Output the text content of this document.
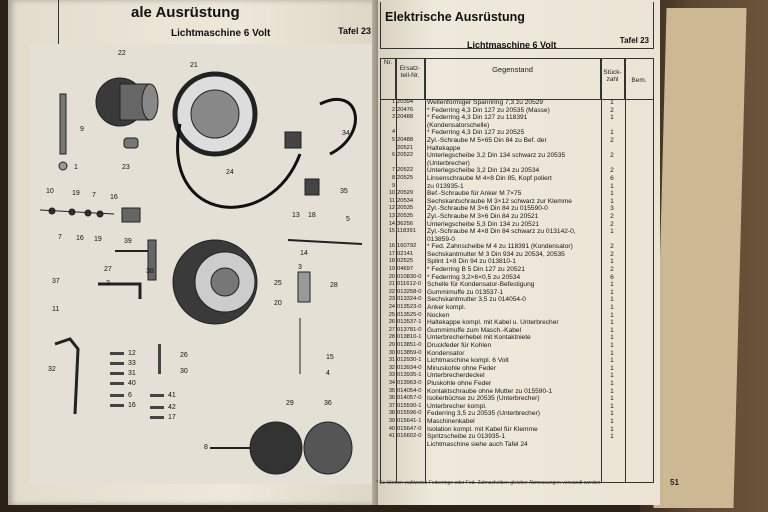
ale Ausrüstung
Lichtmaschine 6 Volt	Tafel 23
22
21
9
1	23
24
34
35
10	19 7 16
7 16 19	39
13 18
5
27	38
14
3
37	2	25	28
11
20
32
12
33
31
40
6
16
26
30
15
4
41
42
17
29	36
8
Elektrische Ausrüstung
Lichtmaschine 6 Volt	Tafel 23
Nr.
Ersatz-teil-Nr.
Gegenstand	Stück-zahl	Bem.
1 20394	Wellenförmiger Spannring 7,3 zu 20529	1
2 20476	* Federring 4,3 Din 127 zu 20535 (Masse)	2
3 20488	* Federring 4,3 Din 127 zu 118391	1
(Kondensatorschelle)
4	* Federring 4,3 Din 127 zu 20525	1
5 20488	Zyl.-Schraube M 5×65 Din 84 zu Bef. der	2
20521	Haltekappe
6 20522	Unterlegscheibe 3,2 Din 134 schwarz zu 20535	2
(Unterbrecher)
7 20522	Unterlegscheibe 3,2 Din 134 zu 20534	2
8 20525	Linsenschraube M 4×8 Din 85, Kopf poliert	6
9	zu 013935-1	1
10 20529	Bef.-Schraube für Anker M 7×75	1
11 20534	Sechskantschraube M 3×12 schwarz zur Klemme	1
12 20535	Zyl.-Schraube M 3×6 Din 84 zu 015590-0	3
13 20535	Zyl.-Schraube M 3×6 Din 84 zu 20521	2
14 36256	Unterlegscheibe 5,3 Din 134 zu 20521	2
15 118391	Zyl.-Schraube M 4×8 Din 84 schwarz zu 013142-0,	1
013859-0
16 160792	* Fed. Zahnscheibe M 4 zu 118391 (Kondensator)	2
17 02141	Sechskantmutter M 3 Din 934 zu 20534, 20535	2
18 02525	Splint 1×8 Din 94 zu 013810-1	1
19 04697	* Federring B 5 Din 127 zu 20521	2
20 010830-0 * Federring 3,2×6×0,5 zu 20534	6
21 011612-0 Schelle für Kondensator-Befestigung	1
22 013258-0 Gummimuffe zu 013537-1	1
23 013324-0 Sechskantmutter 3,5 zu 014054-0	1
24 013523-0 Anker kompl.	1
25 013525-0 Nocken	1
26 013537-1 Haltekappe kompl. mit Kabel u. Unterbrecher	1
27 013781-0 Gummimuffe zum Masch.-Kabel	1
28 013810-1 Unterbrecherhebel mit Kontaktniete	1
29 013851-0 Druckfeder für Kohlen	1
30 013859-0 Kondensator	1
31 012930-1 Lichtmaschine kompl. 6 Volt	1
32 013934-0 Minuskohle ohne Feder	1
33 013935-1 Unterbrecherdeckel	1
34 013963-0 Pluskohle ohne Feder	1
35 014054-0 Kontaktschraube ohne Mutter zu 015590-1	1
36 014057-0 Isolierbüchse zu 20535 (Unterbrecher)	1
37 015590-1 Unterbrecher kompl.	1
38 015596-0 Federring 3,5 zu 20535 (Unterbrecher)	1
39 015641-1 Maschinenkabel	1
40 015647-0 Isolation kompl. mit Kabel für Klemme	1
41 016602-0 Spritzscheibe zu 013935-1	1
Lichtmaschine siehe auch Tafel 24
* Es können wahlweise Federringe oder Fed.-Zahnscheiben gleicher Abmessungen verwandt werden.	51
